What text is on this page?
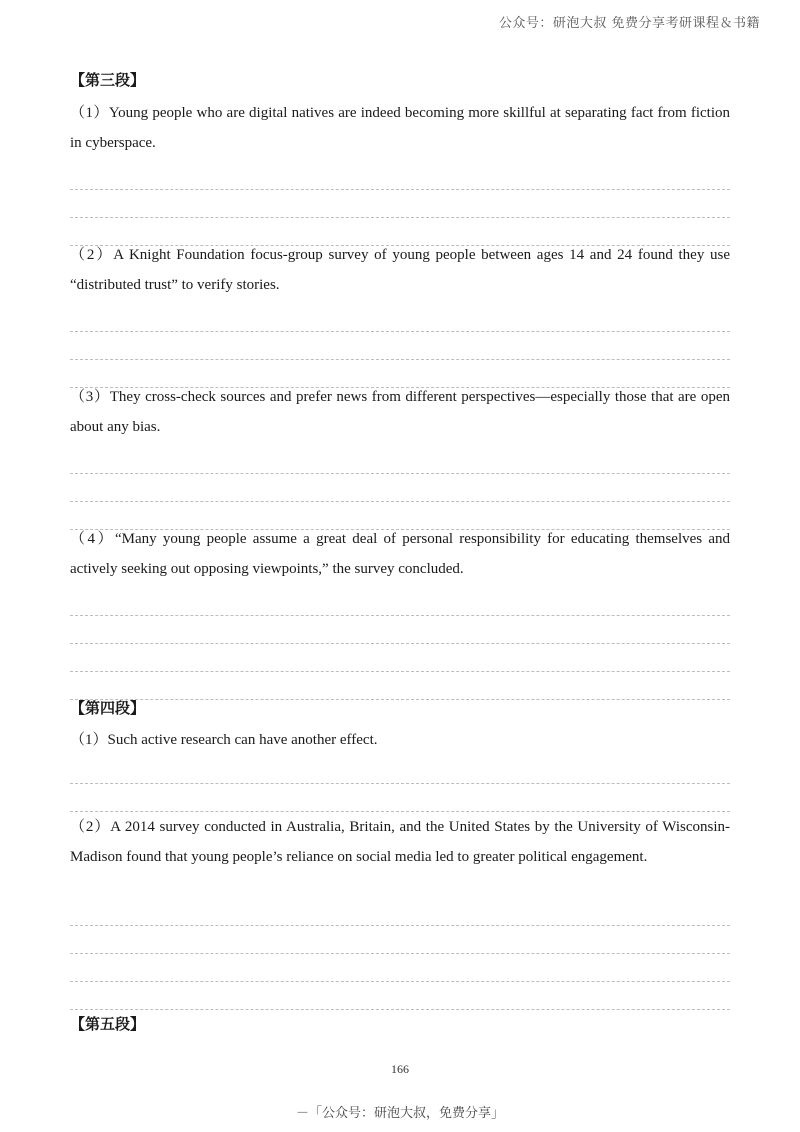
公众号：研泡大叔 免费分享考研课程＆书籍
【第三段】

（1）Young people who are digital natives are indeed becoming more skillful at separating fact from fiction in cyberspace.

（2）A Knight Foundation focus-group survey of young people between ages 14 and 24 found they use “distributed trust” to verify stories.

（3）They cross-check sources and prefer news from different perspectives—especially those that are open about any bias.

（4）“Many young people assume a great deal of personal responsibility for educating themselves and actively seeking out opposing viewpoints,” the survey concluded.

【第四段】

（1）Such active research can have another effect.

（2）A 2014 survey conducted in Australia, Britain, and the United States by the University of Wisconsin-Madison found that young people’s reliance on social media led to greater political engagement.

【第五段】
166
－「公众号：研泡大叔，免费分享」
